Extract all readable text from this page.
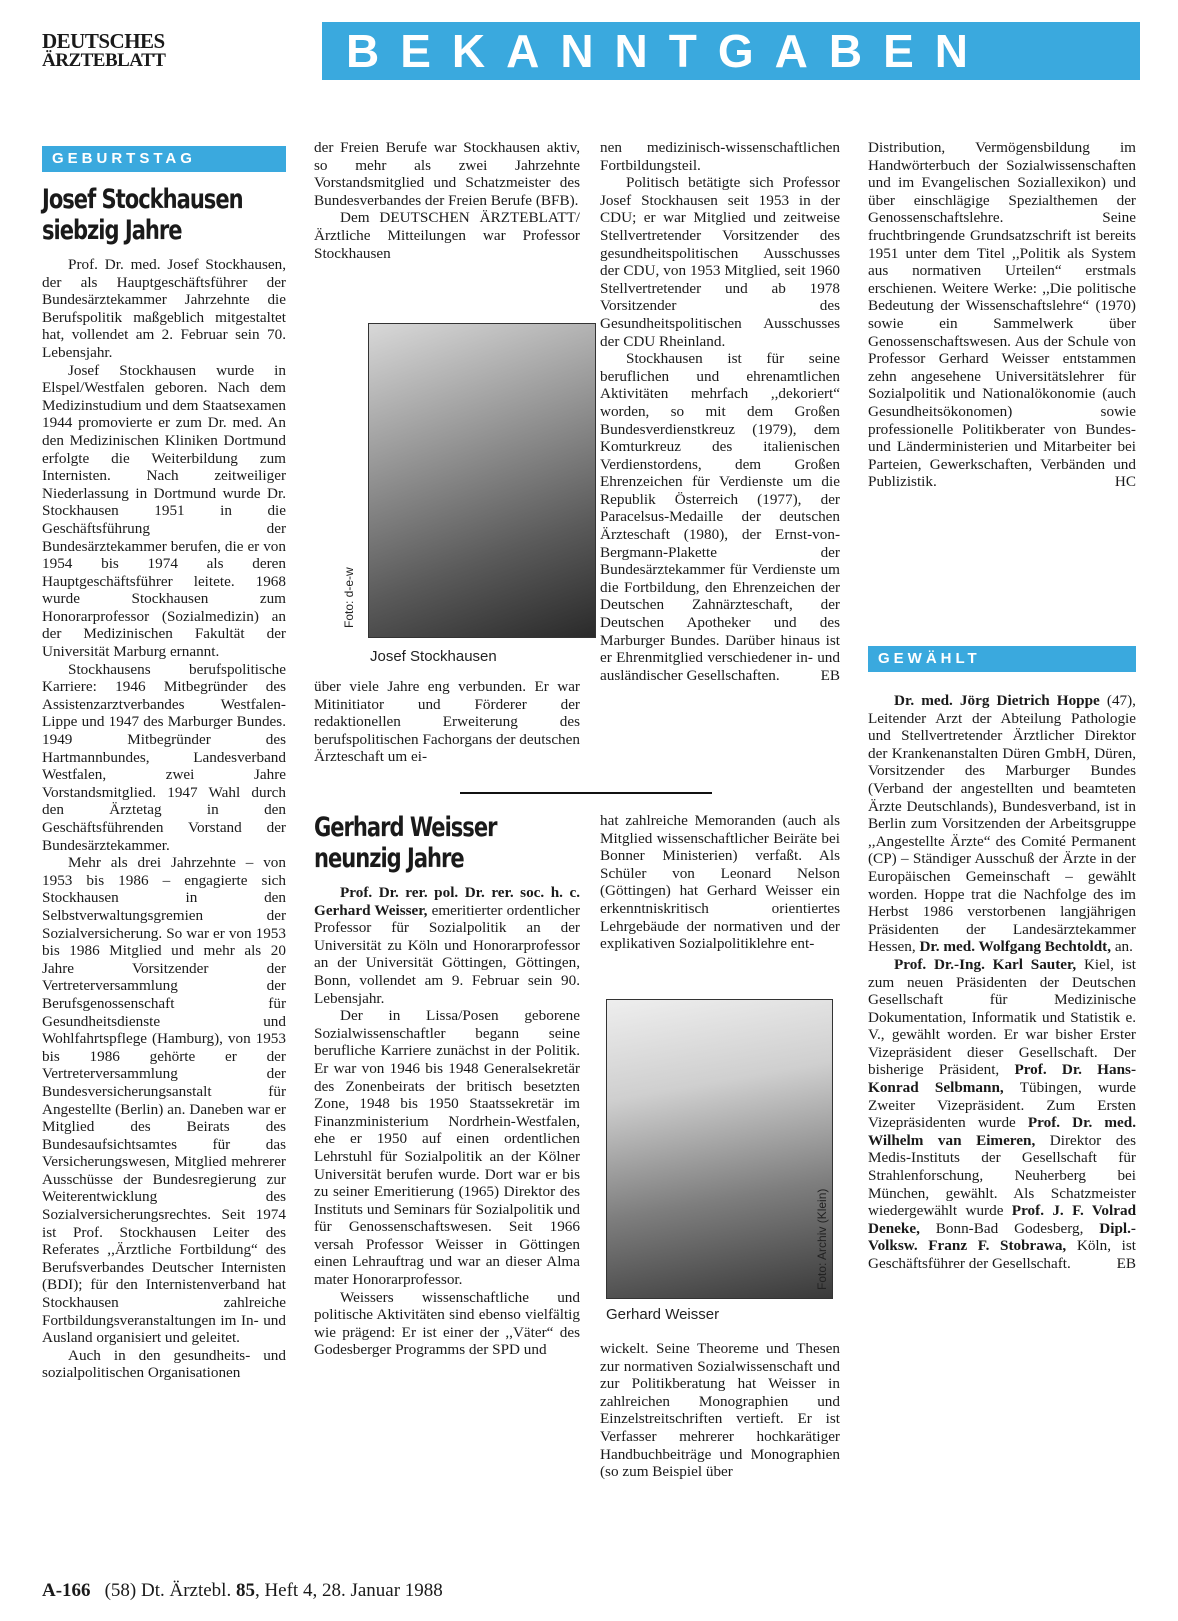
DEUTSCHES
ÄRZTEBLATT	BEKANNTGABEN
GEBURTSTAG
Josef Stockhausen
siebzig Jahre

Prof. Dr. med. Josef Stockhausen, der als Hauptgeschäftsführer der Bundesärztekammer Jahrzehnte die Berufspolitik maßgeblich mitgestaltet hat, vollendet am 2. Februar sein 70. Lebensjahr.

Josef Stockhausen wurde in Elspel/Westfalen geboren. Nach dem Medizinstudium und dem Staatsexamen 1944 promovierte er zum Dr. med. An den Medizinischen Kliniken Dortmund erfolgte die Weiterbildung zum Internisten. Nach zeitweiliger Niederlassung in Dortmund wurde Dr. Stockhausen 1951 in die Geschäftsführung der Bundesärztekammer berufen, die er von 1954 bis 1974 als deren Hauptgeschäftsführer leitete. 1968 wurde Stockhausen zum Honorarprofessor (Sozialmedizin) an der Medizinischen Fakultät der Universität Marburg ernannt.

Stockhausens berufspolitische Karriere: 1946 Mitbegründer des Assistenzarztverbandes Westfalen-Lippe und 1947 des Marburger Bundes. 1949 Mitbegründer des Hartmannbundes, Landesverband Westfalen, zwei Jahre Vorstandsmitglied. 1947 Wahl durch den Ärztetag in den Geschäftsführenden Vorstand der Bundesärztekammer.

Mehr als drei Jahrzehnte – von 1953 bis 1986 – engagierte sich Stockhausen in den Selbstverwaltungsgremien der Sozialversicherung. So war er von 1953 bis 1986 Mitglied und mehr als 20 Jahre Vorsitzender der Vertreterversammlung der Berufsgenossenschaft für Gesundheitsdienste und Wohlfahrtspflege (Hamburg), von 1953 bis 1986 gehörte er der Vertreterversammlung der Bundesversicherungsanstalt für Angestellte (Berlin) an. Daneben war er Mitglied des Beirats des Bundesaufsichtsamtes für das Versicherungswesen, Mitglied mehrerer Ausschüsse der Bundesregierung zur Weiterentwicklung des Sozialversicherungsrechtes. Seit 1974 ist Prof. Stockhausen Leiter des Referates ,,Ärztliche Fortbildung“ des Berufsverbandes Deutscher Internisten (BDI); für den Internistenverband hat Stockhausen zahlreiche Fortbildungsveranstaltungen im In- und Ausland organisiert und geleitet.

Auch in den gesundheits- und sozialpolitischen Organisationen

der Freien Berufe war Stockhausen aktiv, so mehr als zwei Jahrzehnte Vorstandsmitglied und Schatzmeister des Bundesverbandes der Freien Berufe (BFB).

Dem DEUTSCHEN ÄRZTEBLATT/Ärztliche Mitteilungen war Professor Stockhausen

Foto: d-e-w
Josef Stockhausen

über viele Jahre eng verbunden. Er war Mitinitiator und Förderer der redaktionellen Erweiterung des berufspolitischen Fachorgans der deutschen Ärzteschaft um ei-

nen medizinisch-wissenschaftlichen Fortbildungsteil.

Politisch betätigte sich Professor Josef Stockhausen seit 1953 in der CDU; er war Mitglied und zeitweise Stellvertretender Vorsitzender des gesundheitspolitischen Ausschusses der CDU, von 1953 Mitglied, seit 1960 Stellvertretender und ab 1978 Vorsitzender des Gesundheitspolitischen Ausschusses der CDU Rheinland.

Stockhausen ist für seine beruflichen und ehrenamtlichen Aktivitäten mehrfach ,,dekoriert“ worden, so mit dem Großen Bundesverdienstkreuz (1979), dem Komturkreuz des italienischen Verdienstordens, dem Großen Ehrenzeichen für Verdienste um die Republik Österreich (1977), der Paracelsus-Medaille der deutschen Ärzteschaft (1980), der Ernst-von-Bergmann-Plakette der Bundesärztekammer für Verdienste um die Fortbildung, den Ehrenzeichen der Deutschen Zahnärzteschaft, der Deutschen Apotheker und des Marburger Bundes. Darüber hinaus ist er Ehrenmitglied verschiedener in- und ausländischer Gesellschaften.	EB

Distribution, Vermögensbildung im Handwörterbuch der Sozialwissenschaften und im Evangelischen Soziallexikon) und über einschlägige Spezialthemen der Genossenschaftslehre. Seine fruchtbringende Grundsatzschrift ist bereits 1951 unter dem Titel ,,Politik als System aus normativen Urteilen“ erstmals erschienen. Weitere Werke: ,,Die politische Bedeutung der Wissenschaftslehre“ (1970) sowie ein Sammelwerk über Genossenschaftswesen. Aus der Schule von Professor Gerhard Weisser entstammen zehn angesehene Universitätslehrer für Sozialpolitik und Nationalökonomie (auch Gesundheitsökonomen) sowie professionelle Politikberater von Bundes- und Länderministerien und Mitarbeiter bei Parteien, Gewerkschaften, Verbänden und Publizistik.	HC
Gerhard Weisser
neunzig Jahre

Prof. Dr. rer. pol. Dr. rer. soc. h. c. Gerhard Weisser, emeritierter ordentlicher Professor für Sozialpolitik an der Universität zu Köln und Honorarprofessor an der Universität Göttingen, Göttingen, Bonn, vollendet am 9. Februar sein 90. Lebensjahr.

Der in Lissa/Posen geborene Sozialwissenschaftler begann seine berufliche Karriere zunächst in der Politik. Er war von 1946 bis 1948 Generalsekretär des Zonenbeirats der britisch besetzten Zone, 1948 bis 1950 Staatssekretär im Finanzministerium Nordrhein-Westfalen, ehe er 1950 auf einen ordentlichen Lehrstuhl für Sozialpolitik an der Kölner Universität berufen wurde. Dort war er bis zu seiner Emeritierung (1965) Direktor des Instituts und Seminars für Sozialpolitik und für Genossenschaftswesen. Seit 1966 versah Professor Weisser in Göttingen einen Lehrauftrag und war an dieser Alma mater Honorarprofessor.

Weissers wissenschaftliche und politische Aktivitäten sind ebenso vielfältig wie prägend: Er ist einer der ,,Väter“ des Godesberger Programms der SPD und

hat zahlreiche Memoranden (auch als Mitglied wissenschaftlicher Beiräte bei Bonner Ministerien) verfaßt. Als Schüler von Leonard Nelson (Göttingen) hat Gerhard Weisser ein erkenntniskritisch orientiertes Lehrgebäude der normativen und der explikativen Sozialpolitiklehre ent-

Foto: Archiv (Klein)
Gerhard Weisser

wickelt. Seine Theoreme und Thesen zur normativen Sozialwissenschaft und zur Politikberatung hat Weisser in zahlreichen Monographien und Einzelstreitschriften vertieft. Er ist Verfasser mehrerer hochkarätiger Handbuchbeiträge und Monographien (so zum Beispiel über

GEWÄHLT

Dr. med. Jörg Dietrich Hoppe (47), Leitender Arzt der Abteilung Pathologie und Stellvertretender Ärztlicher Direktor der Krankenanstalten Düren GmbH, Düren, Vorsitzender des Marburger Bundes (Verband der angestellten und beamteten Ärzte Deutschlands), Bundesverband, ist in Berlin zum Vorsitzenden der Arbeitsgruppe ,,Angestellte Ärzte“ des Comité Permanent (CP) – Ständiger Ausschuß der Ärzte in der Europäischen Gemeinschaft – gewählt worden. Hoppe trat die Nachfolge des im Herbst 1986 verstorbenen langjährigen Präsidenten der Landesärztekammer Hessen, Dr. med. Wolfgang Bechtoldt, an.

Prof. Dr.-Ing. Karl Sauter, Kiel, ist zum neuen Präsidenten der Deutschen Gesellschaft für Medizinische Dokumentation, Informatik und Statistik e. V., gewählt worden. Er war bisher Erster Vizepräsident dieser Gesellschaft. Der bisherige Präsident, Prof. Dr. Hans-Konrad Selbmann, Tübingen, wurde Zweiter Vizepräsident. Zum Ersten Vizepräsidenten wurde Prof. Dr. med. Wilhelm van Eimeren, Direktor des Medis-Instituts der Gesellschaft für Strahlenforschung, Neuherberg bei München, gewählt. Als Schatzmeister wiedergewählt wurde Prof. J. F. Volrad Deneke, Bonn-Bad Godesberg, Dipl.-Volksw. Franz F. Stobrawa, Köln, ist Geschäftsführer der Gesellschaft.	EB
A-166 (58) Dt. Ärztebl. 85, Heft 4, 28. Januar 1988
